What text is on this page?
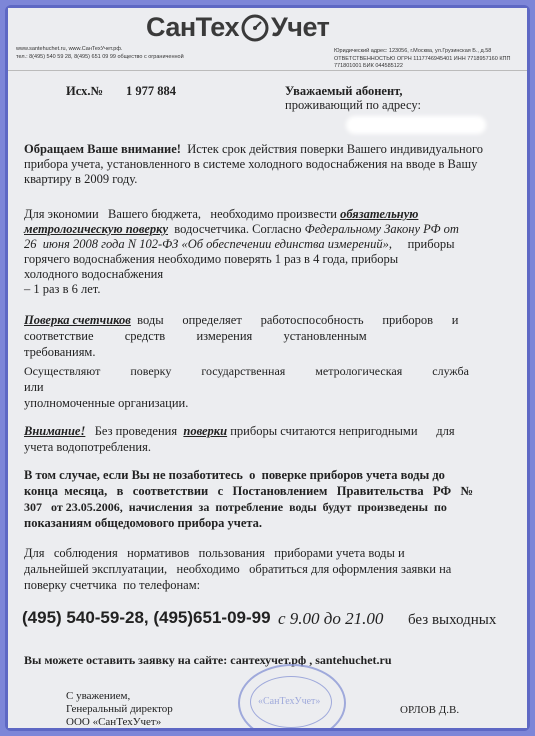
www.santehuchet.ru, www.СанТехУчет.рф.
тел.: 8(495) 540 59 28, 8(495) 651 09 99 общество с ограниченной
СанТех Учет
Юридический адрес: 123056, г.Москва, ул.Грузинская Б., д.58
ОТВЕТСТВЕННОСТЬЮ ОГРН 1117746945401 ИНН 7718957160 КПП 771801001 БИК 044585122
Исх.№ 1 977 884	Уважаемый абонент,
проживающий по адресу:
Обращаем Ваше внимание! Истек срок действия поверки Вашего индивидуального
прибора учета, установленного в системе холодного водоснабжения на вводе в Вашу
квартиру в 2009 году.
Для экономии   Вашего бюджета,   необходимо произвести обязательную
метрологическую поверку водосчетчика. Согласно Федеральному Закону РФ от
26  июня 2008 года N 102-ФЗ «Об обеспечении единства измерений»,     приборы
горячего водоснабжения необходимо поверять 1 раз в 4 года, приборы
холодного водоснабжения
– 1 раз в 6 лет.
Поверка счетчиков воды      определяет      работоспособность      приборов      и
соответствие          средств          измерения          установленным
требованиям.
Осуществляют          поверку          государственная          метрологическая          служба
или
уполномоченные организации.
Внимание!   Без проведения поверки приборы считаются непригодными      для
учета водопотребления.
В том случае, если Вы не позаботитесь  о  поверке приборов учета воды до
конца  месяца,   в   соответствии   с   Постановлением   Правительства   РФ   №
307   от 23.05.2006,  начисления  за  потребление  воды  будут  произведены  по
показаниям общедомового прибора учета.
Для   соблюдения   нормативов   пользования   приборами учета воды и
дальнейшей эксплуатации,   необходимо   обратиться для оформления заявки на
поверку счетчика  по телефонам:
(495) 540-59-28, (495)651-09-99 с 9.00 до 21.00 без выходных
Вы можете оставить заявку на сайте: сантехучет.рф , santehuchet.ru
«СанТехУчет»
С уважением,
Генеральный директор
ООО «СанТехУчет»
ОРЛОВ Д.В.
